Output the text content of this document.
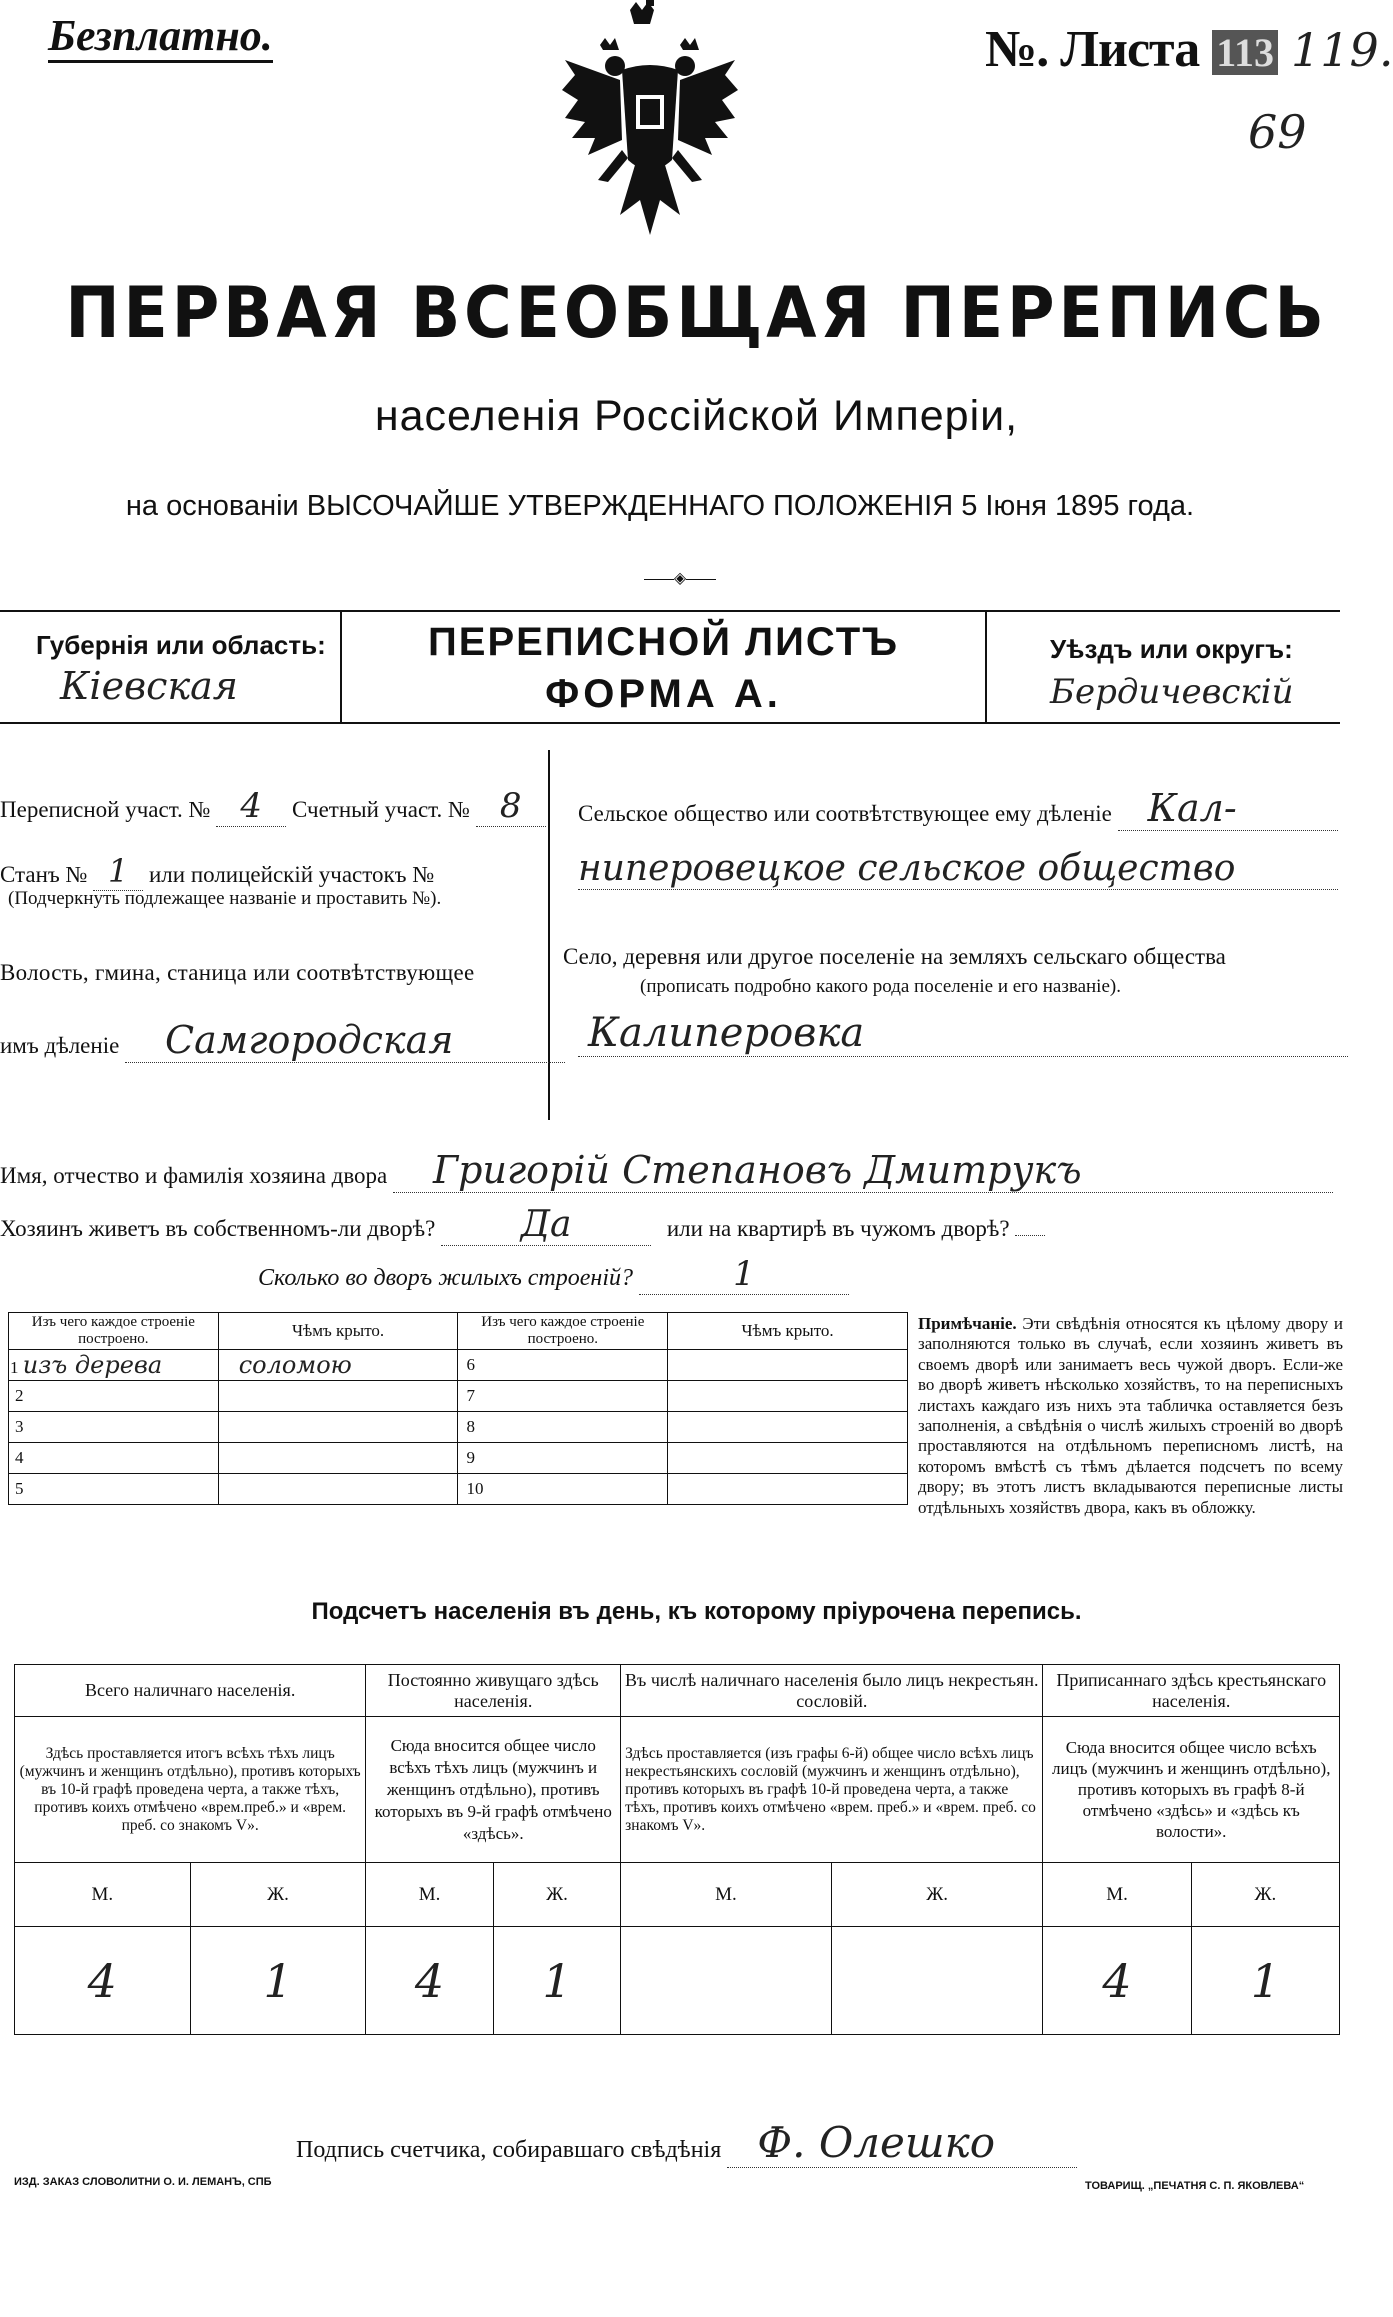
Безплатно.	№. Листа 113 119.
69
ПЕРВАЯ ВСЕОБЩАЯ ПЕРЕПИСЬ
населенія Россійской Имперіи,
на основаніи ВЫСОЧАЙШЕ УТВЕРЖДЕННАГО ПОЛОЖЕНІЯ 5 Іюня 1895 года.
◈
Губернія или область:
Кіевская
ПЕРЕПИСНОЙ ЛИСТЪ
ФОРМА А.
Уѣздъ или округъ:
Бердичевскій
Переписной участ. № 4 Счетный участ. № 8
Станъ № 1 или полицейскій участокъ №
(Подчеркнуть подлежащее названіе и проставить №).
Волость, гмина, станица или соотвѣтствующее
имъ дѣленіе Самгородская
Сельское общество или соотвѣтствующее ему дѣленіе Кал-
ниперовецкое сельское общество
Село, деревня или другое поселеніе на земляхъ сельскаго общества
(прописать подробно какого рода поселеніе и его названіе).
Калиперовка
Имя, отчество и фамилія хозяина двора Григорій Степановъ Дмитрукъ
Хозяинъ живетъ въ собственномъ-ли дворѣ? Да	или на квартирѣ въ чужомъ дворѣ?
Сколько во дворъ жилыхъ строеній?	1
Изъ чего каждое строеніе построено.	Чѣмъ крыто.	Изъ чего каждое строеніе построено.	Чѣмъ крыто.
1 изъ дерева	соломою	6	
2		7	
3		8	
4		9	
5		10	
Примѣчаніе. Эти свѣдѣнія относятся къ цѣлому двору и заполняются только въ случаѣ, если хозяинъ живетъ въ своемъ дворѣ или занимаетъ весь чужой дворъ. Если-же во дворѣ живетъ нѣсколько хозяйствъ, то на переписныхъ листахъ каждаго изъ нихъ эта табличка оставляется безъ заполненія, а свѣдѣнія о числѣ жилыхъ строеній во дворѣ проставляются на отдѣльномъ переписномъ листѣ, на которомъ вмѣстѣ съ тѣмъ дѣлается подсчетъ по всему двору; въ этотъ листъ вкладываются переписные листы отдѣльныхъ хозяйствъ двора, какъ въ обложку.
Подсчетъ населенія въ день, къ которому пріурочена перепись.
Всего наличнаго населенія.		Постоянно живущаго здѣсь населенія.		Въ числѣ наличнаго населенія было лицъ некрестьян. сословій.		Приписаннаго здѣсь крестьянскаго населенія.	
Здѣсь проставляется итогъ всѣхъ тѣхъ лицъ (мужчинъ и женщинъ отдѣльно), противъ которыхъ въ 10-й графѣ проведена черта, а также тѣхъ, противъ коихъ отмѣчено «врем.преб.» и «врем. преб. со знакомъ V».		Сюда вносится общее число всѣхъ тѣхъ лицъ (мужчинъ и женщинъ отдѣльно), противъ которыхъ въ 9-й графѣ отмѣчено «здѣсь».		Здѣсь проставляется (изъ графы 6-й) общее число всѣхъ лицъ некрестьянскихъ сословій (мужчинъ и женщинъ отдѣльно), противъ которыхъ въ графѣ 10-й проведена черта, а также тѣхъ, противъ коихъ отмѣчено «врем. преб.» и «врем. преб. со знакомъ V».		Сюда вносится общее число всѣхъ лицъ (мужчинъ и женщинъ отдѣльно), противъ которыхъ въ графѣ 8-й отмѣчено «здѣсь» и «здѣсь къ волости».	
М.	Ж.	М.	Ж.	М.	Ж.	М.	Ж.
4	1	4	1			4	1
Подпись счетчика, собиравшаго свѣдѣнія Ф. Олешко
ИЗД. ЗАКАЗ СЛОВОЛИТНИ О. И. ЛЕМАНЪ, СПБ	ТОВАРИЩ. „ПЕЧАТНЯ С. П. ЯКОВЛЕВА“
